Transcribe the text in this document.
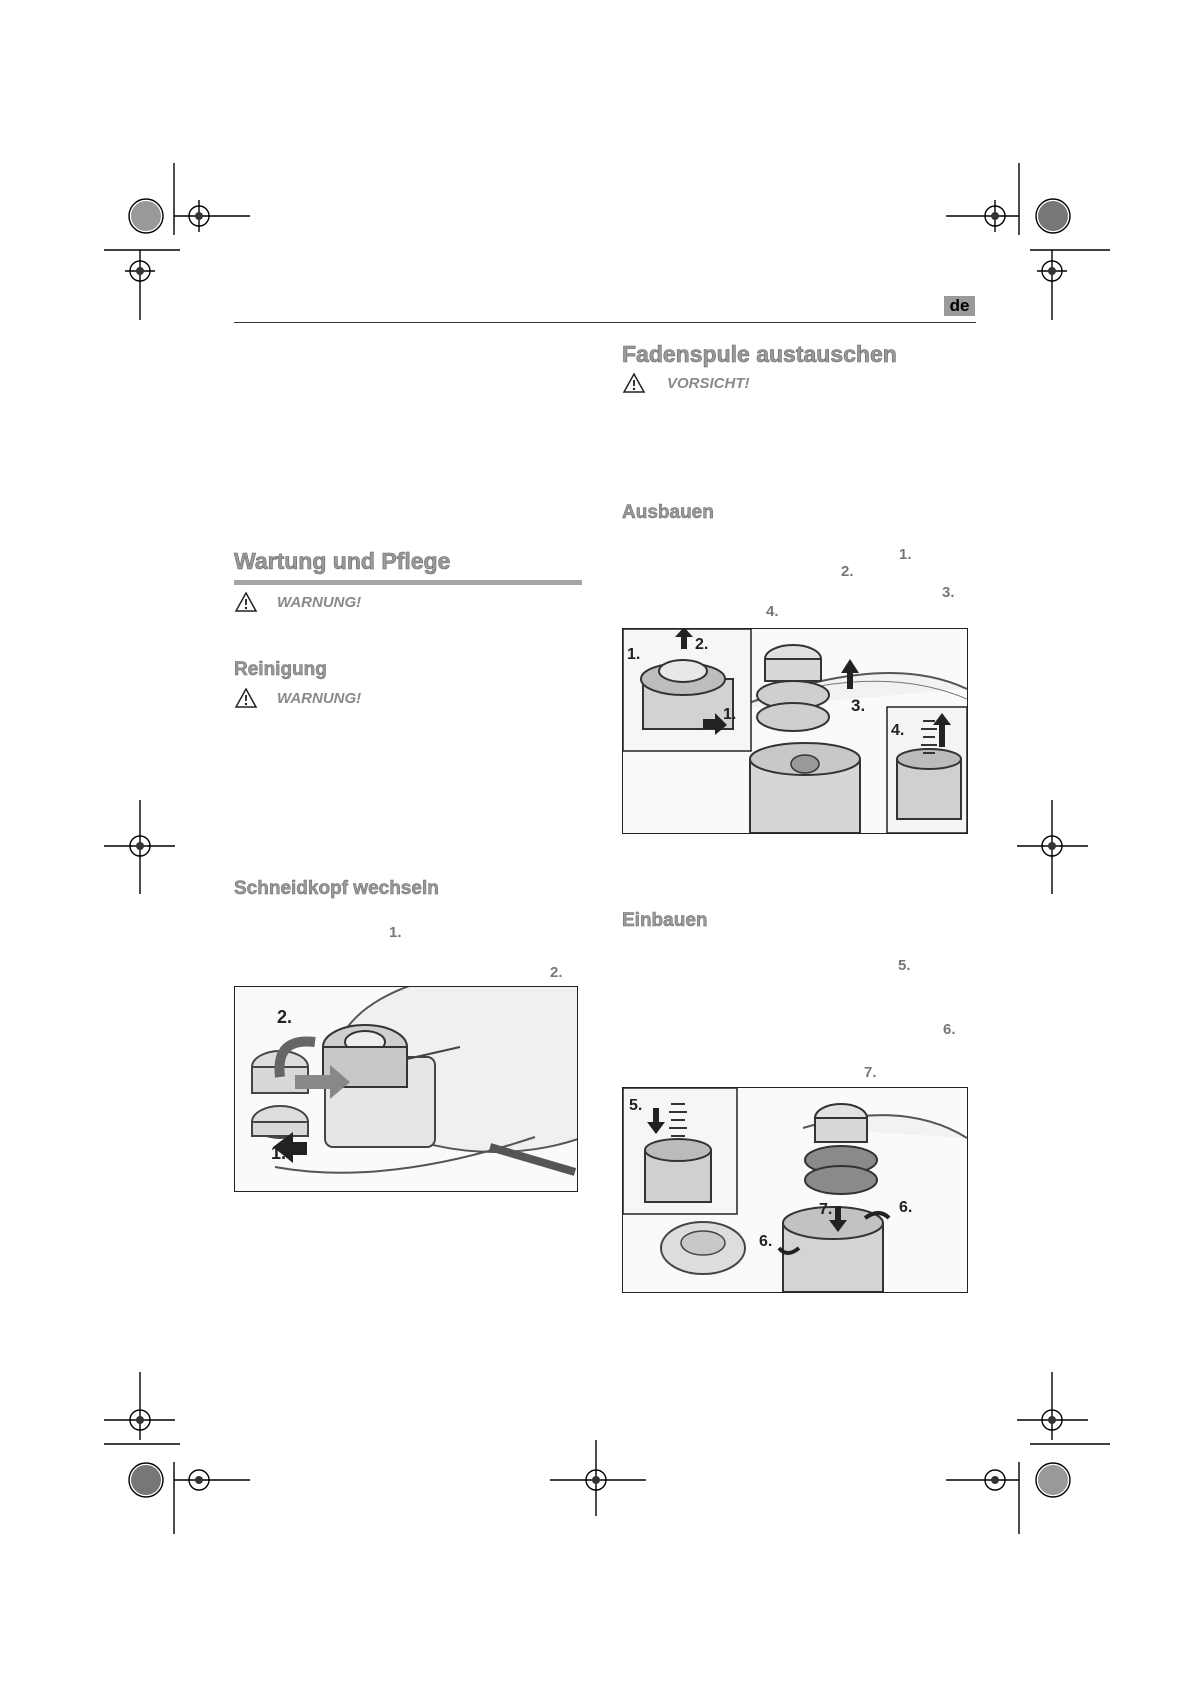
de
Wartung und Pflege
WARNUNG!
Reinigung
WARNUNG!
Schneidkopf wechseln
1.
2.
2.
1.
Fadenspule austauschen
VORSICHT!
Ausbauen
1.
2.
3.
4.
3.
2.
1.
1.
4.
Einbauen
5.
6.
7.
7.	6.
6.
5.
